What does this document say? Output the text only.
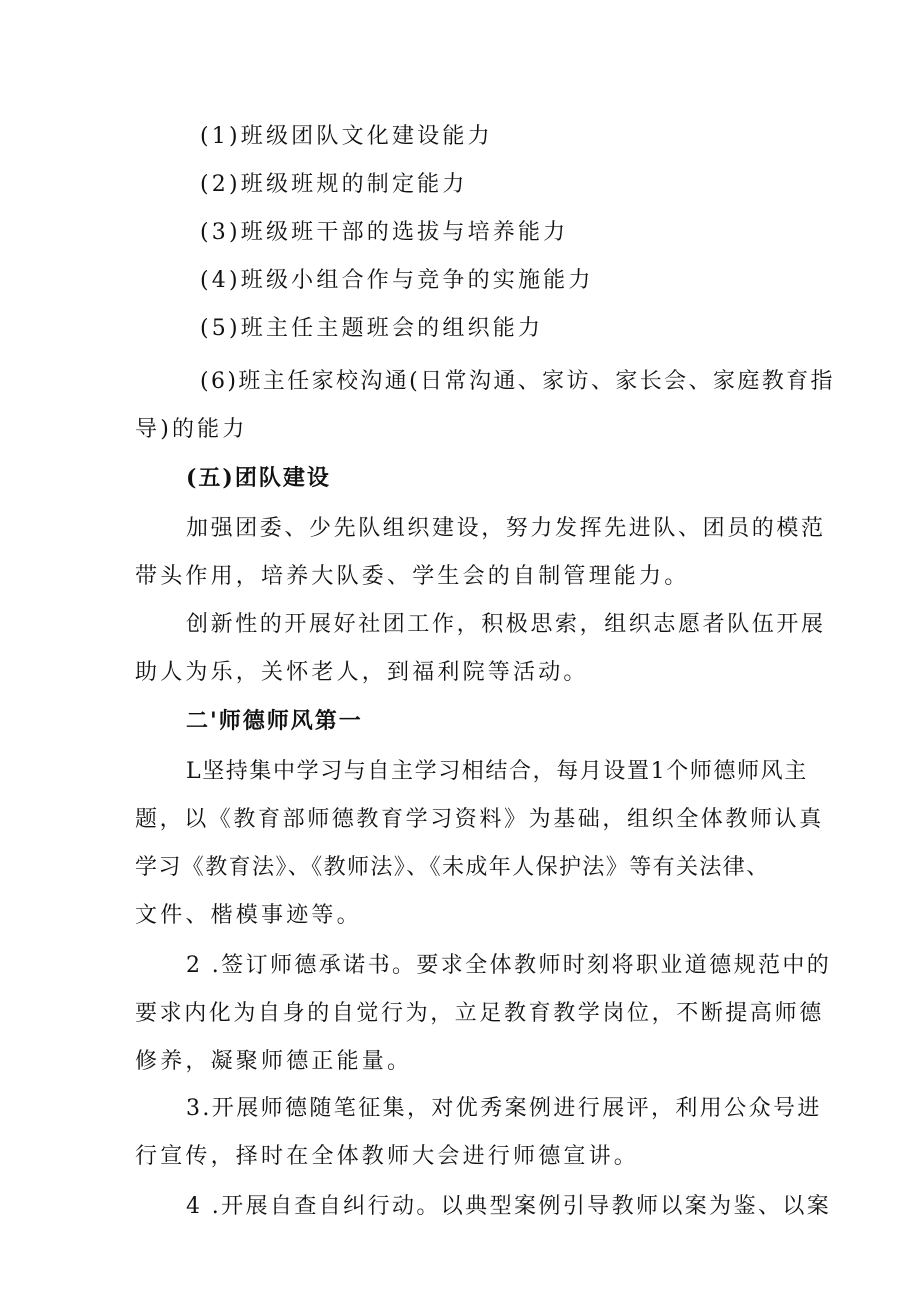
(1)班级团队文化建设能力
(2)班级班规的制定能力
(3)班级班干部的选拔与培养能力
(4)班级小组合作与竞争的实施能力
(5)班主任主题班会的组织能力
(6)班主任家校沟通(日常沟通、家访、家长会、家庭教育指
导)的能力
(五)团队建设
加强团委、少先队组织建设，努力发挥先进队、团员的模范
带头作用，培养大队委、学生会的自制管理能力。
创新性的开展好社团工作，积极思索，组织志愿者队伍开展
助人为乐，关怀老人，到福利院等活动。
二'师德师风第一
L坚持集中学习与自主学习相结合，每月设置1个师德师风主
题，以《教育部师德教育学习资料》为基础，组织全体教师认真
学习《教育法》、《教师法》、《未成年人保护法》等有关法律、
文件、楷模事迹等。
2 .签订师德承诺书。要求全体教师时刻将职业道德规范中的
要求内化为自身的自觉行为，立足教育教学岗位，不断提高师德
修养，凝聚师德正能量。
3.开展师德随笔征集，对优秀案例进行展评，利用公众号进
行宣传，择时在全体教师大会进行师德宣讲。
4 .开展自查自纠行动。以典型案例引导教师以案为鉴、以案
